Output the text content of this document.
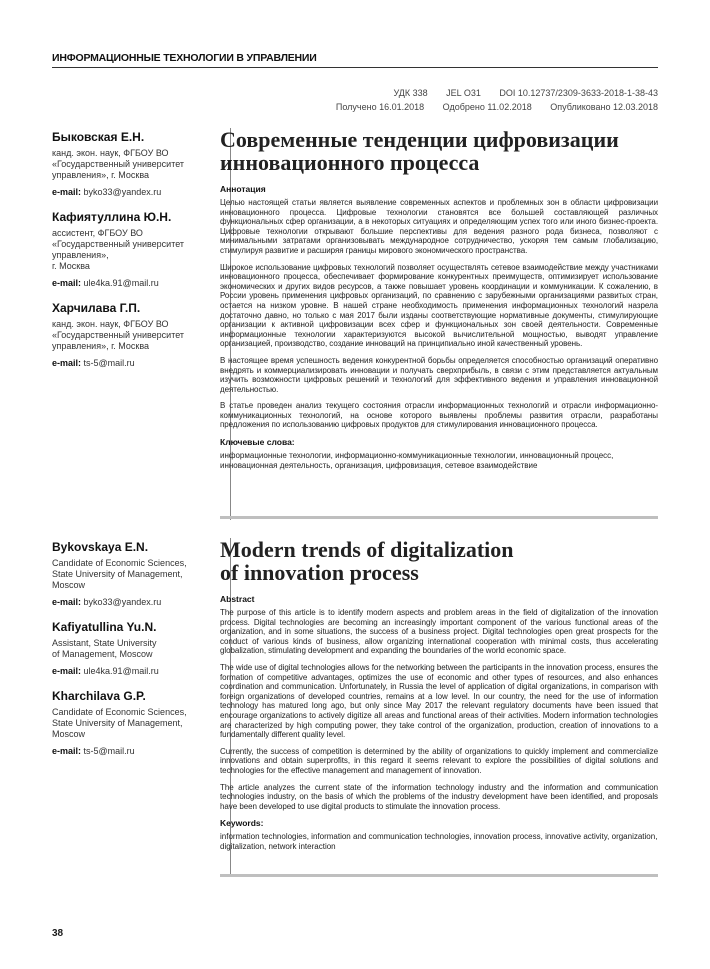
ИНФОРМАЦИОННЫЕ ТЕХНОЛОГИИ В УПРАВЛЕНИИ
УДК 338 JEL O31 DOI 10.12737/2309-3633-2018-1-38-43
Получено 16.01.2018 Одобрено 11.02.2018 Опубликовано 12.03.2018
Быковская Е.Н.
канд. экон. наук, ФГБОУ ВО
«Государственный университет
управления», г. Москва
e-mail: byko33@yandex.ru
Кафиятуллина Ю.Н.
ассистент, ФГБОУ ВО
«Государственный университет
управления»,
г. Москва
e-mail: ule4ka.91@mail.ru
Харчилава Г.П.
канд. экон. наук, ФГБОУ ВО
«Государственный университет
управления», г. Москва
e-mail: ts-5@mail.ru
Современные тенденции цифровизации
инновационного процесса
Аннотация

Целью настоящей статьи является выявление современных аспектов и проблемных зон в области цифровизации инновационного процесса. Цифровые технологии становятся все большей составляющей различных функциональных сфер организации, а в некоторых ситуациях и определяющим успех того или иного бизнес-проекта. Цифровые технологии открывают большие перспективы для ведения разного рода бизнеса, позволяют с минимальными затратами организовывать международное сотрудничество, ускоряя тем самым глобализацию, стимулируя развитие и расширяя границы мирового экономического пространства.

Широкое использование цифровых технологий позволяет осуществлять сетевое взаимодействие между участниками инновационного процесса, обеспечивает формирование конкурентных преимуществ, оптимизирует использование экономических и других видов ресурсов, а также повышает уровень координации и коммуникации. К сожалению, в России уровень применения цифровых организаций, по сравнению с зарубежными организациями развитых стран, остается на низком уровне. В нашей стране необходимость применения информационных технологий назрела достаточно давно, но только с мая 2017 были изданы соответствующие нормативные документы, стимулирующие организации к активной цифровизации всех сфер и функциональных зон своей деятельности. Современные информационные технологии характеризуются высокой вычислительной мощностью, выводят управление организацией, производство, создание инноваций на принципиально иной качественный уровень.

В настоящее время успешность ведения конкурентной борьбы определяется способностью организаций оперативно внедрять и коммерциализировать инновации и получать сверхприбыль, в связи с этим представляется актуальным изучить возможности цифровых решений и технологий для эффективного ведения и управления инновационной деятельностью.

В статье проведен анализ текущего состояния отрасли информационных технологий и отрасли информационно-коммуникационных технологий, на основе которого выявлены проблемы развития отрасли, разработаны предложения по использованию цифровых продуктов для стимулирования инновационного процесса.

Ключевые слова:

информационные технологии, информационно-коммуникационные технологии, инновационный процесс, инновационная деятельность, организация, цифровизация, сетевое взаимодействие

Bykovskaya E.N.
Candidate of Economic Sciences,
State University of Management,
Moscow
e-mail: byko33@yandex.ru
Kafiyatullina Yu.N.
Assistant, State University
of Management, Moscow
e-mail: ule4ka.91@mail.ru
Kharchilava G.P.
Candidate of Economic Sciences,
State University of Management,
Moscow
e-mail: ts-5@mail.ru
Modern trends of digitalization
of innovation process
Abstract

The purpose of this article is to identify modern aspects and problem areas in the field of digitalization of the innovation process. Digital technologies are becoming an increasingly important component of the various functional areas of the organization, and in some situations, the success of a business project. Digital technologies open great prospects for the conduct of various kinds of business, allow organizing international cooperation with minimal costs, thus accelerating globalization, stimulating development and expanding the boundaries of the world economic space.

The wide use of digital technologies allows for the networking between the participants in the innovation process, ensures the formation of competitive advantages, optimizes the use of economic and other types of resources, and also enhances coordination and communication. Unfortunately, in Russia the level of application of digital organizations, in comparison with foreign organizations of developed countries, remains at a low level. In our country, the need for the use of information technology has matured long ago, but only since May 2017 the relevant regulatory documents have been issued that encourage organizations to actively digitize all areas and functional areas of their activities. Modern information technologies are characterized by high computing power, they take control of the organization, production, creation of innovations to a fundamentally different quality level.

Currently, the success of competition is determined by the ability of organizations to quickly implement and commercialize innovations and obtain superprofits, in this regard it seems relevant to explore the possibilities of digital solutions and technologies for the effective management and management of innovation.

The article analyzes the current state of the information technology industry and the information and communication technologies industry, on the basis of which the problems of the industry development have been identified, and proposals have been developed to use digital products to stimulate the innovation process.

Keywords:

information technologies, information and communication technologies, innovation process, innovative activity, organization, digitalization, network interaction

38
